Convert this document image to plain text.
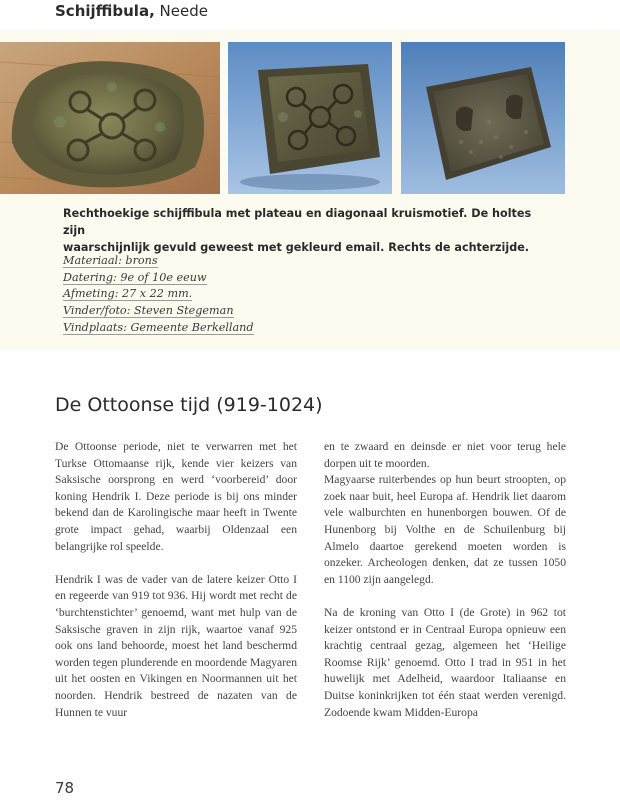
Schijffibula, Neede
Rechthoekige schijffibula met plateau en diagonaal kruismotief. De holtes zijn
waarschijnlijk gevuld geweest met gekleurd email. Rechts de achterzijde.
Materiaal: brons
Datering: 9e of 10e eeuw
Afmeting: 27 x 22 mm.
Vinder/foto: Steven Stegeman
Vindplaats: Gemeente Berkelland
De Ottoonse tijd (919-1024)

De Ottoonse periode, niet te verwarren met het Turkse Ottomaanse rijk, kende vier keizers van Saksische oorsprong en werd ‘voorbereid’ door koning Hendrik I. Deze periode is bij ons minder bekend dan de Karolingische maar heeft in Twente grote impact gehad, waarbij Oldenzaal een belangrijke rol speelde.

Hendrik I was de vader van de latere keizer Otto I en regeerde van 919 tot 936. Hij wordt met recht de ‘burchtenstichter’ genoemd, want met hulp van de Saksische graven in zijn rijk, waartoe vanaf 925 ook ons land behoorde, moest het land beschermd worden tegen plunderende en moordende Magyaren uit het oosten en Vikingen en Noormannen uit het noorden. Hendrik bestreed de nazaten van de Hunnen te vuur

en te zwaard en deinsde er niet voor terug hele dorpen uit te moorden.

Magyaarse ruiterbendes op hun beurt stroopten, op zoek naar buit, heel Europa af. Hendrik liet daarom vele walburchten en hunenborgen bouwen. Of de Hunenborg bij Volthe en de Schuilenburg bij Almelo daartoe gerekend moeten worden is onzeker. Archeologen denken, dat ze tussen 1050 en 1100 zijn aangelegd.

Na de kroning van Otto I (de Grote) in 962 tot keizer ontstond er in Centraal Europa opnieuw een krachtig centraal gezag, algemeen het ‘Heilige Roomse Rijk’ genoemd. Otto I trad in 951 in het huwelijk met Adelheid, waardoor Italiaanse en Duitse koninkrijken tot één staat werden verenigd. Zodoende kwam Midden-Europa

78
